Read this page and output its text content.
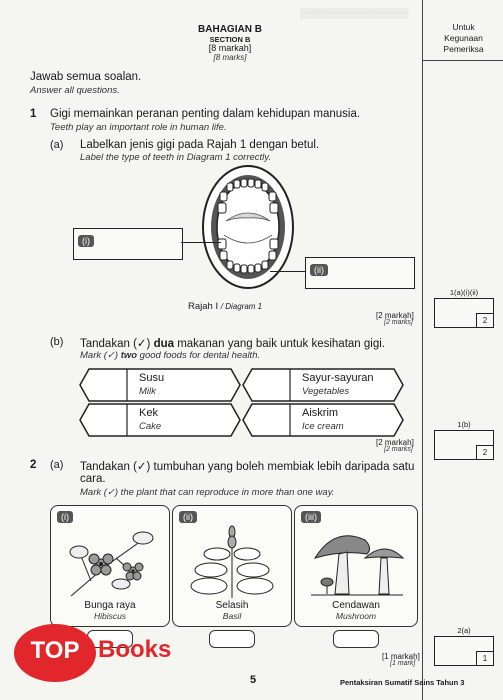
▒▒▒▒▒▒▒▒▒▒▒▒▒▒▒▒▒
BAHAGIAN B
SECTION B
[8 markah]
[8 marks]
Untuk
Kegunaan
Pemeriksa
1(a)(i)(ii)
2
1(b)
2
2(a)
1
Jawab semua soalan.
Answer all questions.
1 Gigi memainkan peranan penting dalam kehidupan manusia.
Teeth play an important role in human life.
(a) Labelkan jenis gigi pada Rajah 1 dengan betul.
Label the type of teeth in Diagram 1 correctly.
(i)
(ii)
Rajah I / Diagram 1
[2 markah]
[2 marks]
(b) Tandakan (✓) dua makanan yang baik untuk kesihatan gigi.
Mark (✓) two good foods for dental health.
Susu
Milk
Sayur-sayuran
Vegetables
Kek
Cake
Aiskrim
Ice cream
[2 markah]
[2 marks]
2 (a) Tandakan (✓) tumbuhan yang boleh membiak lebih daripada satu
cara.
Mark (✓) the plant that can reproduce in more than one way.
(i)
Bunga raya
Hibiscus
(ii)
Selasih
Basil
(iii)
Cendawan
Mushroom
[1 markah]
[1 mark]
5	Pentaksiran Sumatif Sains Tahun 3
TOP Books
